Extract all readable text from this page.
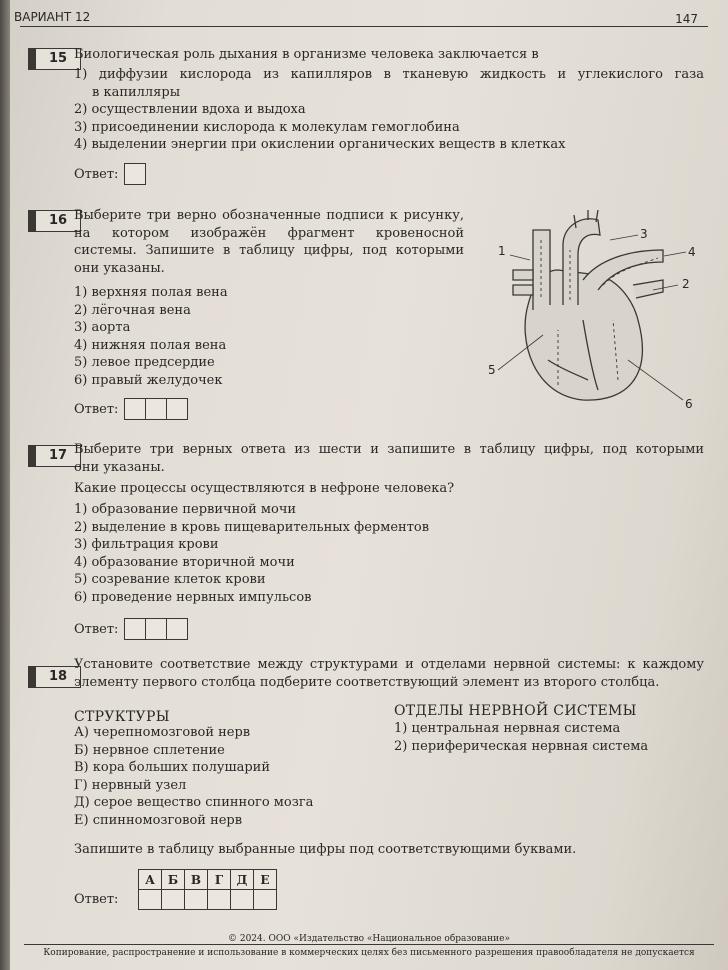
ВАРИАНТ 12	147
15 Биологическая роль дыхания в организме человека заключается в

1) диффузии кислорода из капилляров в тканевую жидкость и углекислого газа
в капилляры
2) осуществлении вдоха и выдоха
3) присоединении кислорода к молекулам гемоглобина
4) выделении энергии при окислении органических веществ в клетках
Ответ:
16 Выберите три верно обозначенные подписи к рисунку,

на котором изображён фрагмент кровеносной

системы. Запишите в таблицу цифры, под которыми

они указаны.

1) верхняя полая вена
2) лёгочная вена
3) аорта
4) нижняя полая вена
5) левое предсердие
6) правый желудочек
Ответ:
1
2
3
4
5
6
17 Выберите три верных ответа из шести и запишите в таблицу цифры, под которыми

они указаны.

Какие процессы осуществляются в нефроне человека?

1) образование первичной мочи
2) выделение в кровь пищеварительных ферментов
3) фильтрация крови
4) образование вторичной мочи
5) созревание клеток крови
6) проведение нервных импульсов
Ответ:
18

Установите соответствие между структурами и отделами нервной системы: к каждому

элементу первого столбца подберите соответствующий элемент из второго столбца.

СТРУКТУРЫ
А) черепномозговой нерв
Б) нервное сплетение
В) кора больших полушарий
Г) нервный узел
Д) серое вещество спинного мозга
Е) спинномозговой нерв
ОТДЕЛЫ НЕРВНОЙ СИСТЕМЫ
1) центральная нервная система
2) периферическая нервная система

Запишите в таблицу выбранные цифры под соответствующими буквами.

Ответ:
А	Б	В	Г	Д	Е

© 2024. ООО «Издательство «Национальное образование»
Копирование, распространение и использование в коммерческих целях без письменного разрешения правообладателя не допускается
